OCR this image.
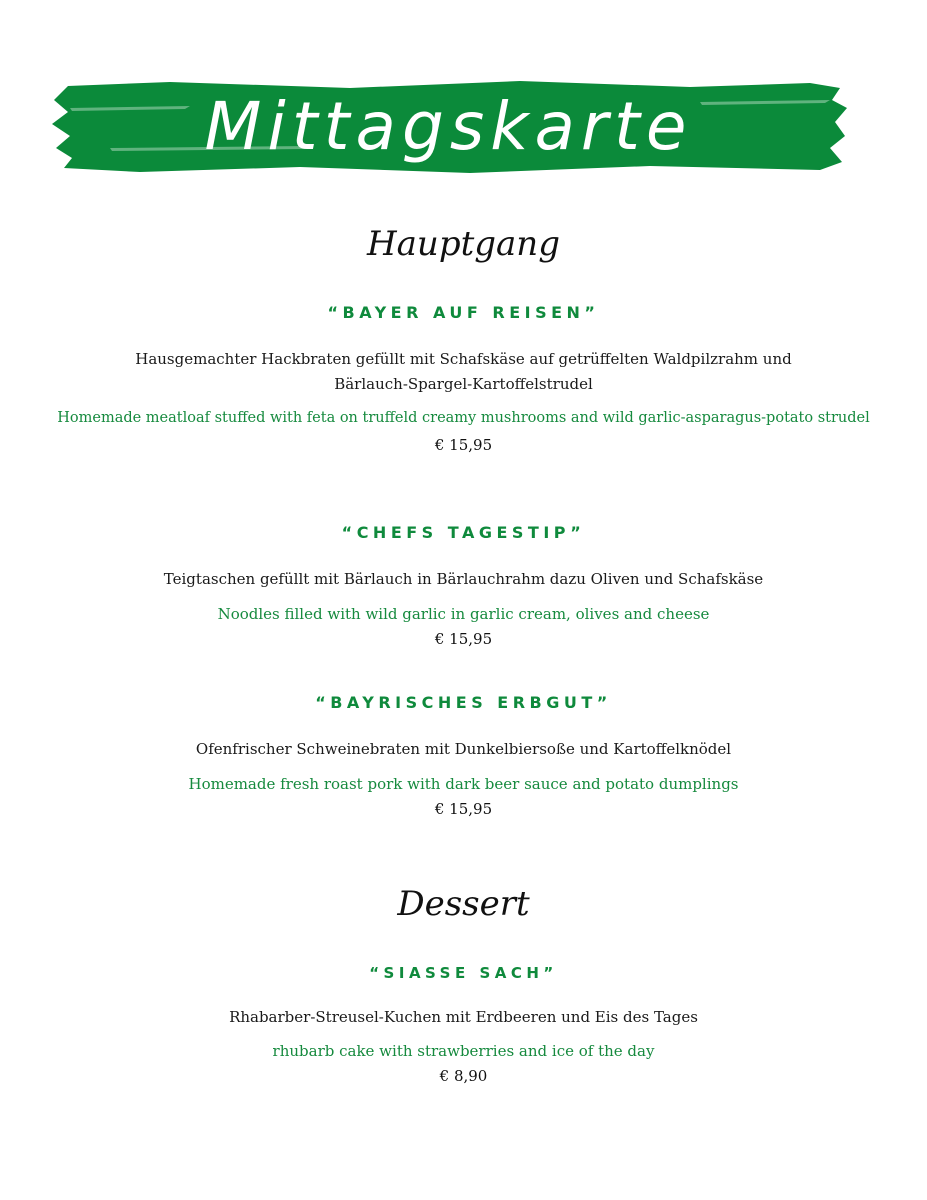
Mittagskarte
Hauptgang
“BAYER AUF REISEN”
Hausgemachter Hackbraten gefüllt mit Schafskäse auf getrüffelten Waldpilzrahm und
Bärlauch-Spargel-Kartoffelstrudel
Homemade meatloaf stuffed with feta on truffeld creamy mushrooms and wild garlic-asparagus-potato strudel
€ 15,95
“CHEFS TAGESTIP”
Teigtaschen gefüllt mit Bärlauch in Bärlauchrahm dazu Oliven und Schafskäse
Noodles filled with wild garlic in garlic cream, olives and cheese
€ 15,95
“BAYRISCHES ERBGUT”
Ofenfrischer Schweinebraten mit Dunkelbiersoße und Kartoffelknödel
Homemade fresh roast pork with dark beer sauce and potato dumplings
€ 15,95
Dessert
“SIASSE SACH”
Rhabarber-Streusel-Kuchen mit Erdbeeren und Eis des Tages
rhubarb cake with strawberries and ice of the day
€ 8,90
